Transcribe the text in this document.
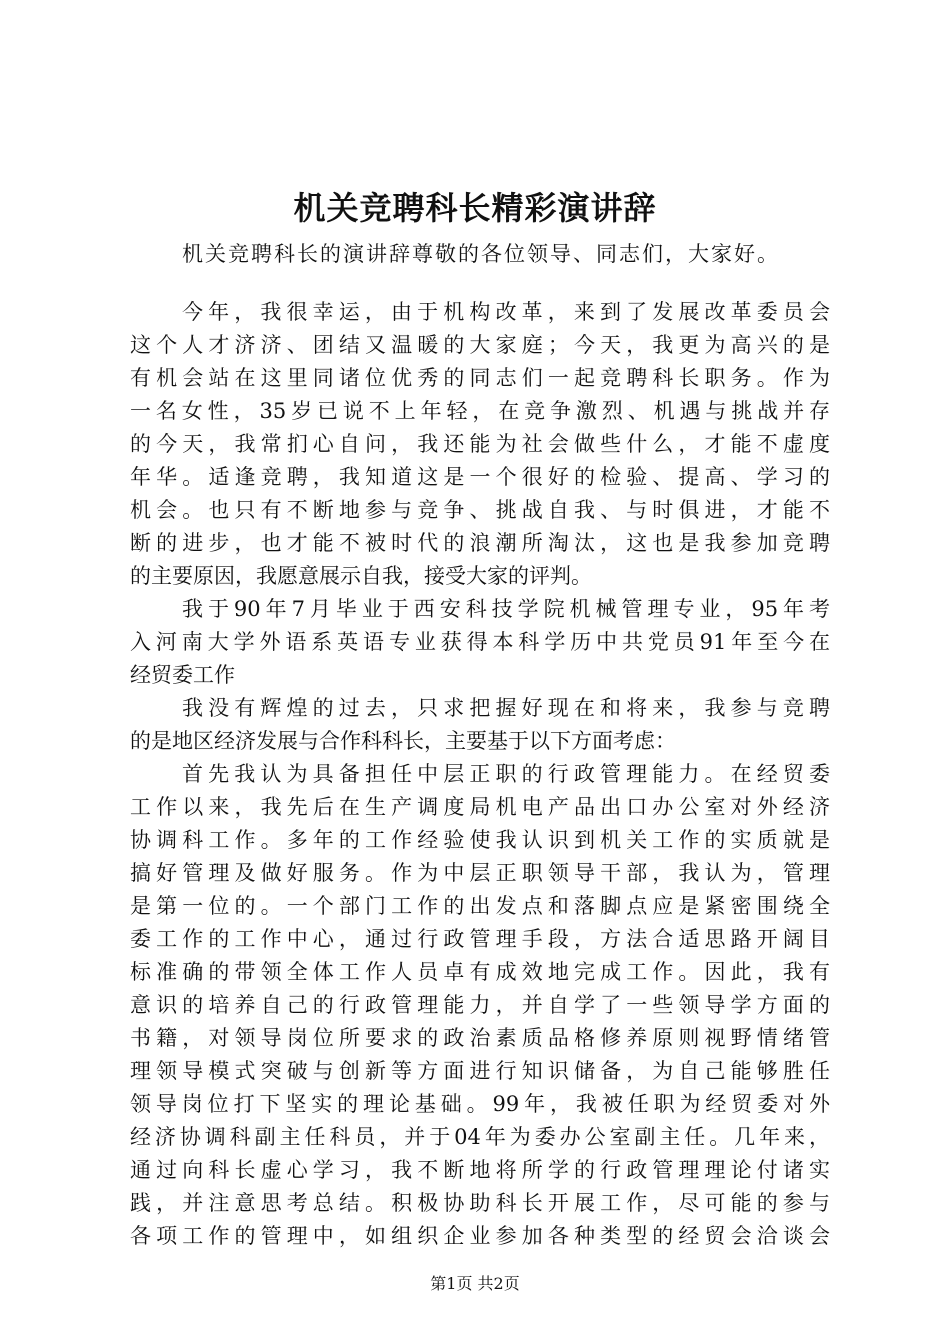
机关竞聘科长精彩演讲辞
机关竞聘科长的演讲辞尊敬的各位领导、同志们，大家好。
今年，我很幸运，由于机构改革，来到了发展改革委员会
这个人才济济、团结又温暖的大家庭；今天，我更为高兴的是
有机会站在这里同诸位优秀的同志们一起竞聘科长职务。作为
一名女性，35岁已说不上年轻，在竞争激烈、机遇与挑战并存
的今天，我常扪心自问，我还能为社会做些什么，才能不虚度
年华。适逢竞聘，我知道这是一个很好的检验、提高、学习的
机会。也只有不断地参与竞争、挑战自我、与时俱进，才能不
断的进步，也才能不被时代的浪潮所淘汰，这也是我参加竞聘
的主要原因，我愿意展示自我，接受大家的评判。
我于90年7月毕业于西安科技学院机械管理专业，95年考
入河南大学外语系英语专业获得本科学历中共党员91年至今在
经贸委工作
我没有辉煌的过去，只求把握好现在和将来，我参与竞聘
的是地区经济发展与合作科科长，主要基于以下方面考虑：
首先我认为具备担任中层正职的行政管理能力。在经贸委
工作以来，我先后在生产调度局机电产品出口办公室对外经济
协调科工作。多年的工作经验使我认识到机关工作的实质就是
搞好管理及做好服务。作为中层正职领导干部，我认为，管理
是第一位的。一个部门工作的出发点和落脚点应是紧密围绕全
委工作的工作中心，通过行政管理手段，方法合适思路开阔目
标准确的带领全体工作人员卓有成效地完成工作。因此，我有
意识的培养自己的行政管理能力，并自学了一些领导学方面的
书籍，对领导岗位所要求的政治素质品格修养原则视野情绪管
理领导模式突破与创新等方面进行知识储备，为自己能够胜任
领导岗位打下坚实的理论基础。99年，我被任职为经贸委对外
经济协调科副主任科员，并于04年为委办公室副主任。几年来，
通过向科长虚心学习，我不断地将所学的行政管理理论付诸实
践，并注意思考总结。积极协助科长开展工作，尽可能的参与
各项工作的管理中，如组织企业参加各种类型的经贸会洽谈会
第1页 共2页
